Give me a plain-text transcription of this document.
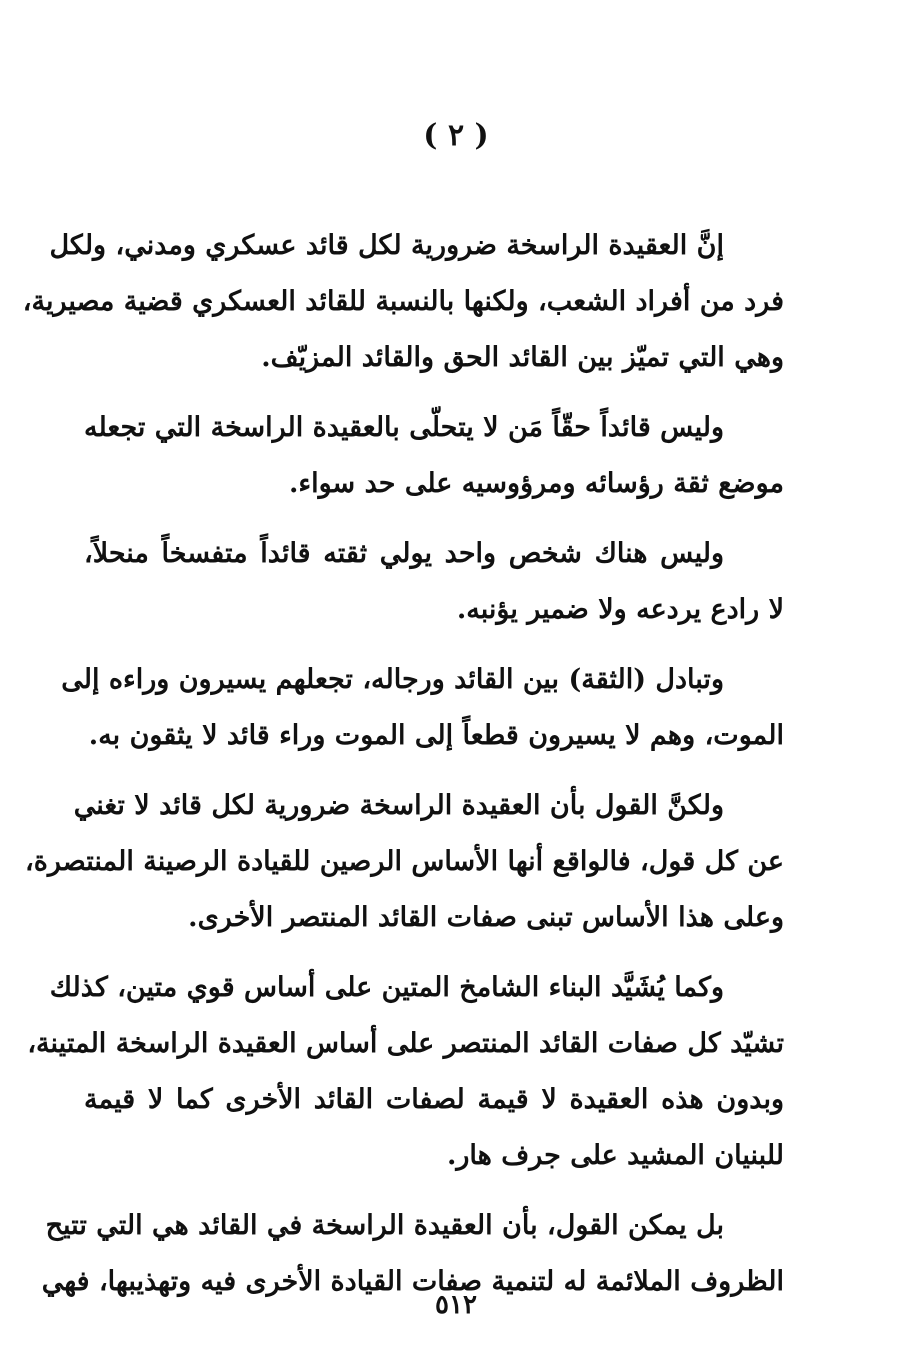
( ٢ )

إنَّ العقيدة الراسخة ضرورية لكل قائد عسكري ومدني، ولكل
فرد من أفراد الشعب، ولكنها بالنسبة للقائد العسكري قضية مصيرية،
وهي التي تميّز بين القائد الحق والقائد المزيّف.

وليس قائداً حقّاً مَن لا يتحلّى بالعقيدة الراسخة التي تجعله
موضع ثقة رؤسائه ومرؤوسيه على حد سواء.

وليس هناك شخص واحد يولي ثقته قائداً متفسخاً منحلاً،
لا رادع يردعه ولا ضمير يؤنبه.

وتبادل (الثقة) بين القائد ورجاله، تجعلهم يسيرون وراءه إلى
الموت، وهم لا يسيرون قطعاً إلى الموت وراء قائد لا يثقون به.

ولكنَّ القول بأن العقيدة الراسخة ضرورية لكل قائد لا تغني
عن كل قول، فالواقع أنها الأساس الرصين للقيادة الرصينة المنتصرة،
وعلى هذا الأساس تبنى صفات القائد المنتصر الأخرى.

وكما يُشَيَّد البناء الشامخ المتين على أساس قوي متين، كذلك
تشيّد كل صفات القائد المنتصر على أساس العقيدة الراسخة المتينة،
وبدون هذه العقيدة لا قيمة لصفات القائد الأخرى كما لا قيمة
للبنيان المشيد على جرف هار.

بل يمكن القول، بأن العقيدة الراسخة في القائد هي التي تتيح
الظروف الملائمة له لتنمية صفات القيادة الأخرى فيه وتهذيبها، فهي

٥١٢
